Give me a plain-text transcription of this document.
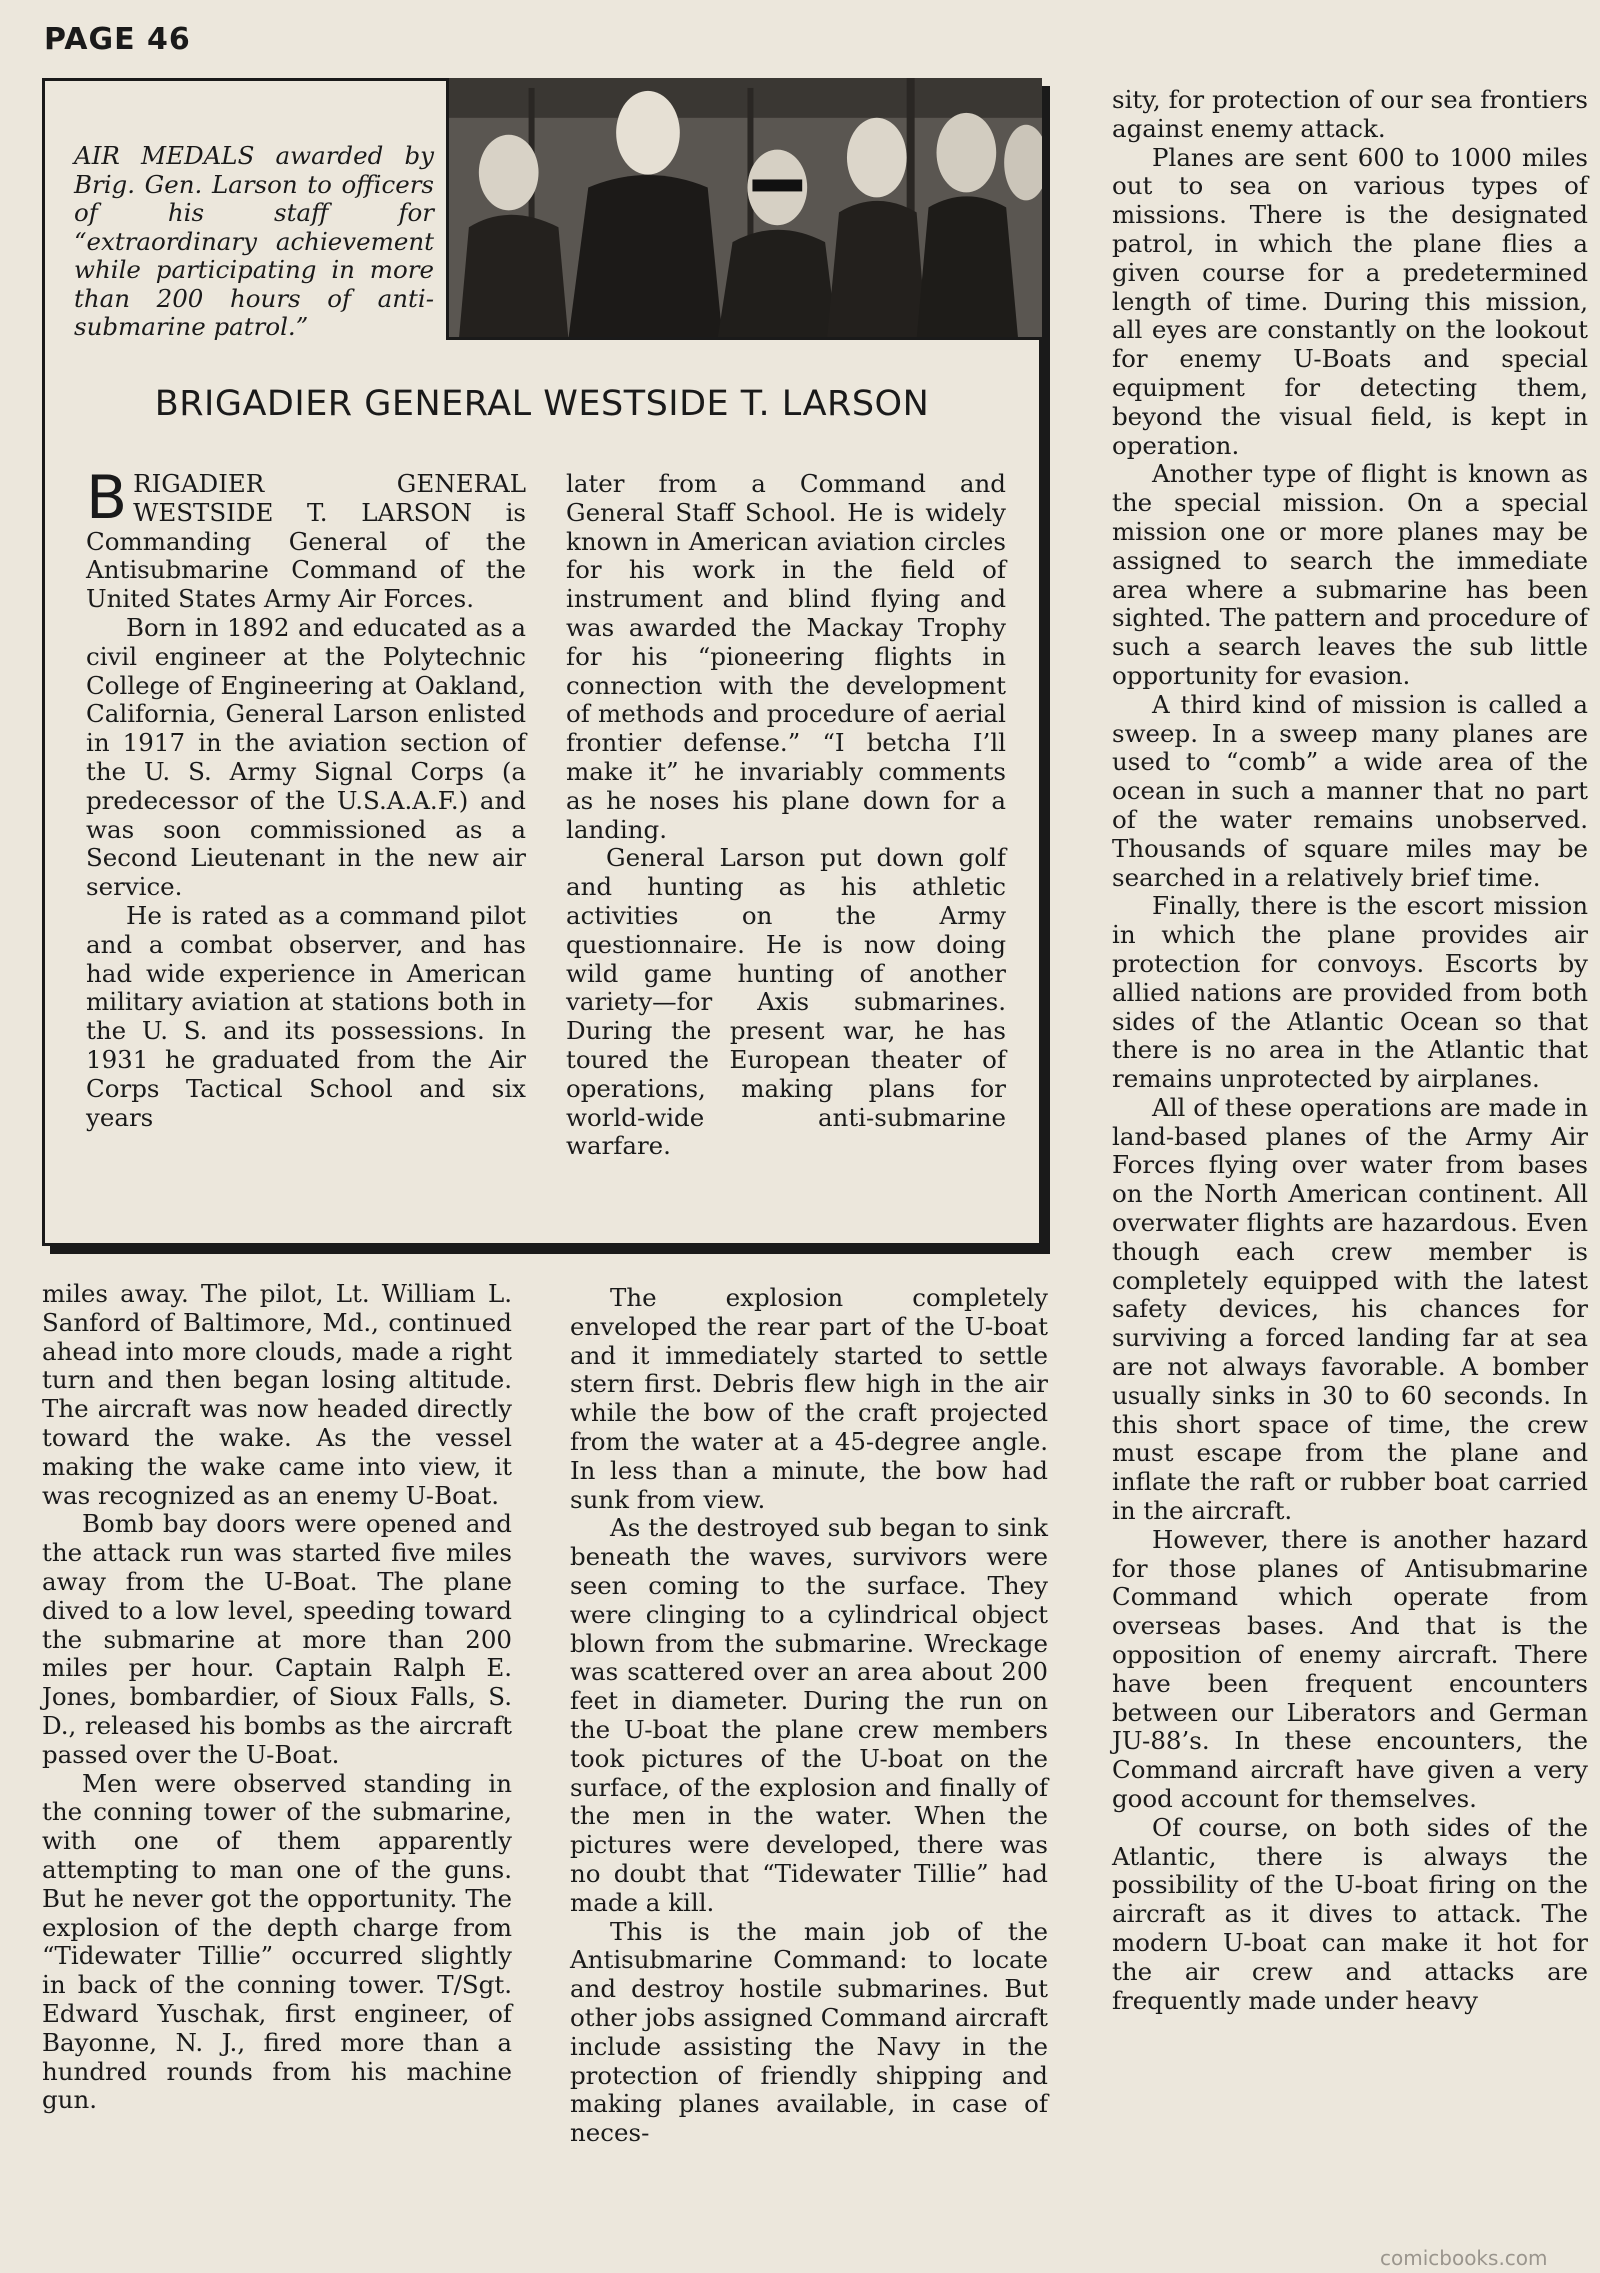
PAGE 46

AIR MEDALS awarded by Brig. Gen. Larson to officers of his staff for “extraordinary achievement while participating in more than 200 hours of anti-submarine patrol.”

BRIGADIER GENERAL WESTSIDE T. LARSON

BRIGADIER GENERAL WESTSIDE T. LARSON is Commanding General of the Antisubmarine Command of the United States Army Air Forces.

Born in 1892 and educated as a civil engineer at the Polytechnic College of Engineering at Oakland, California, General Larson enlisted in 1917 in the aviation section of the U. S. Army Signal Corps (a predecessor of the U.S.A.A.F.) and was soon commissioned as a Second Lieutenant in the new air service.

He is rated as a command pilot and a combat observer, and has had wide experience in American military aviation at stations both in the U. S. and its possessions. In 1931 he graduated from the Air Corps Tactical School and six years

later from a Command and General Staff School. He is widely known in American aviation circles for his work in the field of instrument and blind flying and was awarded the Mackay Trophy for his “pioneering flights in connection with the development of methods and procedure of aerial frontier defense.” “I betcha I’ll make it” he invariably comments as he noses his plane down for a landing.

General Larson put down golf and hunting as his athletic activities on the Army questionnaire. He is now doing wild game hunting of another variety—for Axis submarines. During the present war, he has toured the European theater of operations, making plans for world-wide anti-submarine warfare.

sity, for protection of our sea frontiers against enemy attack.

Planes are sent 600 to 1000 miles out to sea on various types of missions. There is the designated patrol, in which the plane flies a given course for a predetermined length of time. During this mission, all eyes are constantly on the lookout for enemy U-Boats and special equipment for detecting them, beyond the visual field, is kept in operation.

Another type of flight is known as the special mission. On a special mission one or more planes may be assigned to search the immediate area where a submarine has been sighted. The pattern and procedure of such a search leaves the sub little opportunity for evasion.

A third kind of mission is called a sweep. In a sweep many planes are used to “comb” a wide area of the ocean in such a manner that no part of the water remains unobserved. Thousands of square miles may be searched in a relatively brief time.

Finally, there is the escort mission in which the plane provides air protection for convoys. Escorts by allied nations are provided from both sides of the Atlantic Ocean so that there is no area in the Atlantic that remains unprotected by airplanes.

All of these operations are made in land-based planes of the Army Air Forces flying over water from bases on the North American continent. All overwater flights are hazardous. Even though each crew member is completely equipped with the latest safety devices, his chances for surviving a forced landing far at sea are not always favorable. A bomber usually sinks in 30 to 60 seconds. In this short space of time, the crew must escape from the plane and inflate the raft or rubber boat carried in the aircraft.

However, there is another hazard for those planes of Antisubmarine Command which operate from overseas bases. And that is the opposition of enemy aircraft. There have been frequent encounters between our Liberators and German JU-88’s. In these encounters, the Command aircraft have given a very good account for themselves.

Of course, on both sides of the Atlantic, there is always the possibility of the U-boat firing on the aircraft as it dives to attack. The modern U-boat can make it hot for the air crew and attacks are frequently made under heavy

miles away. The pilot, Lt. William L. Sanford of Baltimore, Md., continued ahead into more clouds, made a right turn and then began losing altitude. The aircraft was now headed directly toward the wake. As the vessel making the wake came into view, it was recognized as an enemy U-Boat.

Bomb bay doors were opened and the attack run was started five miles away from the U-Boat. The plane dived to a low level, speeding toward the submarine at more than 200 miles per hour. Captain Ralph E. Jones, bombardier, of Sioux Falls, S. D., released his bombs as the aircraft passed over the U-Boat.

Men were observed standing in the conning tower of the submarine, with one of them apparently attempting to man one of the guns. But he never got the opportunity. The explosion of the depth charge from “Tidewater Tillie” occurred slightly in back of the conning tower. T/Sgt. Edward Yuschak, first engineer, of Bayonne, N. J., fired more than a hundred rounds from his machine gun.

The explosion completely enveloped the rear part of the U-boat and it immediately started to settle stern first. Debris flew high in the air while the bow of the craft projected from the water at a 45-degree angle. In less than a minute, the bow had sunk from view.

As the destroyed sub began to sink beneath the waves, survivors were seen coming to the surface. They were clinging to a cylindrical object blown from the submarine. Wreckage was scattered over an area about 200 feet in diameter. During the run on the U-boat the plane crew members took pictures of the U-boat on the surface, of the explosion and finally of the men in the water. When the pictures were developed, there was no doubt that “Tidewater Tillie” had made a kill.

This is the main job of the Antisubmarine Command: to locate and destroy hostile submarines. But other jobs assigned Command aircraft include assisting the Navy in the protection of friendly shipping and making planes available, in case of neces-

comicbooks.com
